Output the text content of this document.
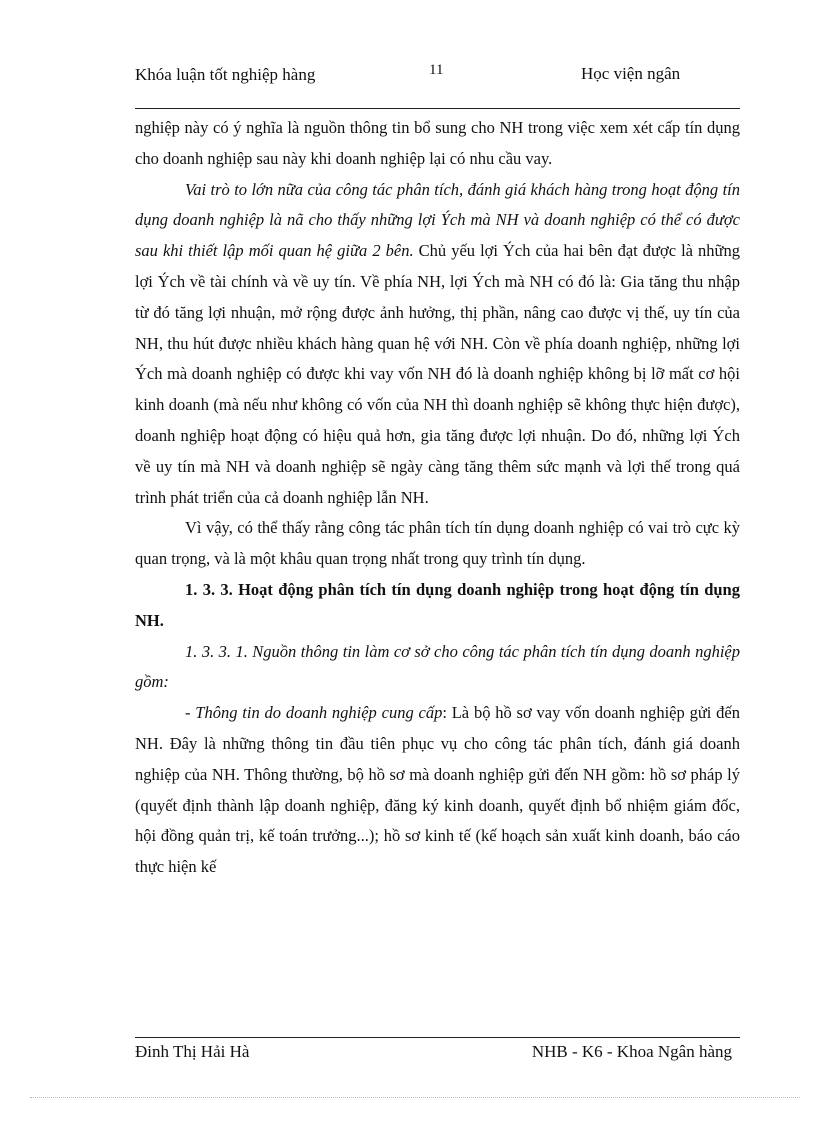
Khóa luận tốt nghiệp hàng	11	Học viện ngân

nghiệp này có ý nghĩa là nguồn thông tin bổ sung cho NH trong việc xem xét cấp tín dụng cho doanh nghiệp sau này khi doanh nghiệp lại có nhu cầu vay.

Vai trò to lớn nữa của công tác phân tích, đánh giá khách hàng trong hoạt động tín dụng doanh nghiệp là nã cho thấy những lợi Ých mà NH và doanh nghiệp có thể có được sau khi thiết lập mối quan hệ giữa 2 bên. Chủ yếu lợi Ých của hai bên đạt được là những lợi Ých về tài chính và về uy tín. Về phía NH, lợi Ých mà NH có đó là: Gia tăng thu nhập từ đó tăng lợi nhuận, mở rộng được ảnh hưởng, thị phần, nâng cao được vị thế, uy tín của NH, thu hút được nhiều khách hàng quan hệ với NH. Còn về phía doanh nghiệp, những lợi Ých mà doanh nghiệp có được khi vay vốn NH đó là doanh nghiệp không bị lỡ mất cơ hội kinh doanh (mà nếu như không có vốn của NH thì doanh nghiệp sẽ không thực hiện được), doanh nghiệp hoạt động có hiệu quả hơn, gia tăng được lợi nhuận. Do đó, những lợi Ých về uy tín mà NH và doanh nghiệp sẽ ngày càng tăng thêm sức mạnh và lợi thế trong quá trình phát triển của cả doanh nghiệp lẫn NH.

Vì vậy, có thể thấy rằng công tác phân tích tín dụng doanh nghiệp có vai trò cực kỳ quan trọng, và là một khâu quan trọng nhất trong quy trình tín dụng.

1. 3. 3. Hoạt động phân tích tín dụng doanh nghiệp trong hoạt động tín dụng NH.

1. 3. 3. 1. Nguồn thông tin làm cơ sở cho công tác phân tích tín dụng doanh nghiệp gồm:

- Thông tin do doanh nghiệp cung cấp: Là bộ hồ sơ vay vốn doanh nghiệp gửi đến NH. Đây là những thông tin đầu tiên phục vụ cho công tác phân tích, đánh giá doanh nghiệp của NH. Thông thường, bộ hồ sơ mà doanh nghiệp gửi đến NH gồm: hồ sơ pháp lý (quyết định thành lập doanh nghiệp, đăng ký kinh doanh, quyết định bổ nhiệm giám đốc, hội đồng quản trị, kế toán trưởng...); hồ sơ kinh tế (kế hoạch sản xuất kinh doanh, báo cáo thực hiện kế

Đinh Thị Hải Hà	NHB - K6 - Khoa Ngân hàng
